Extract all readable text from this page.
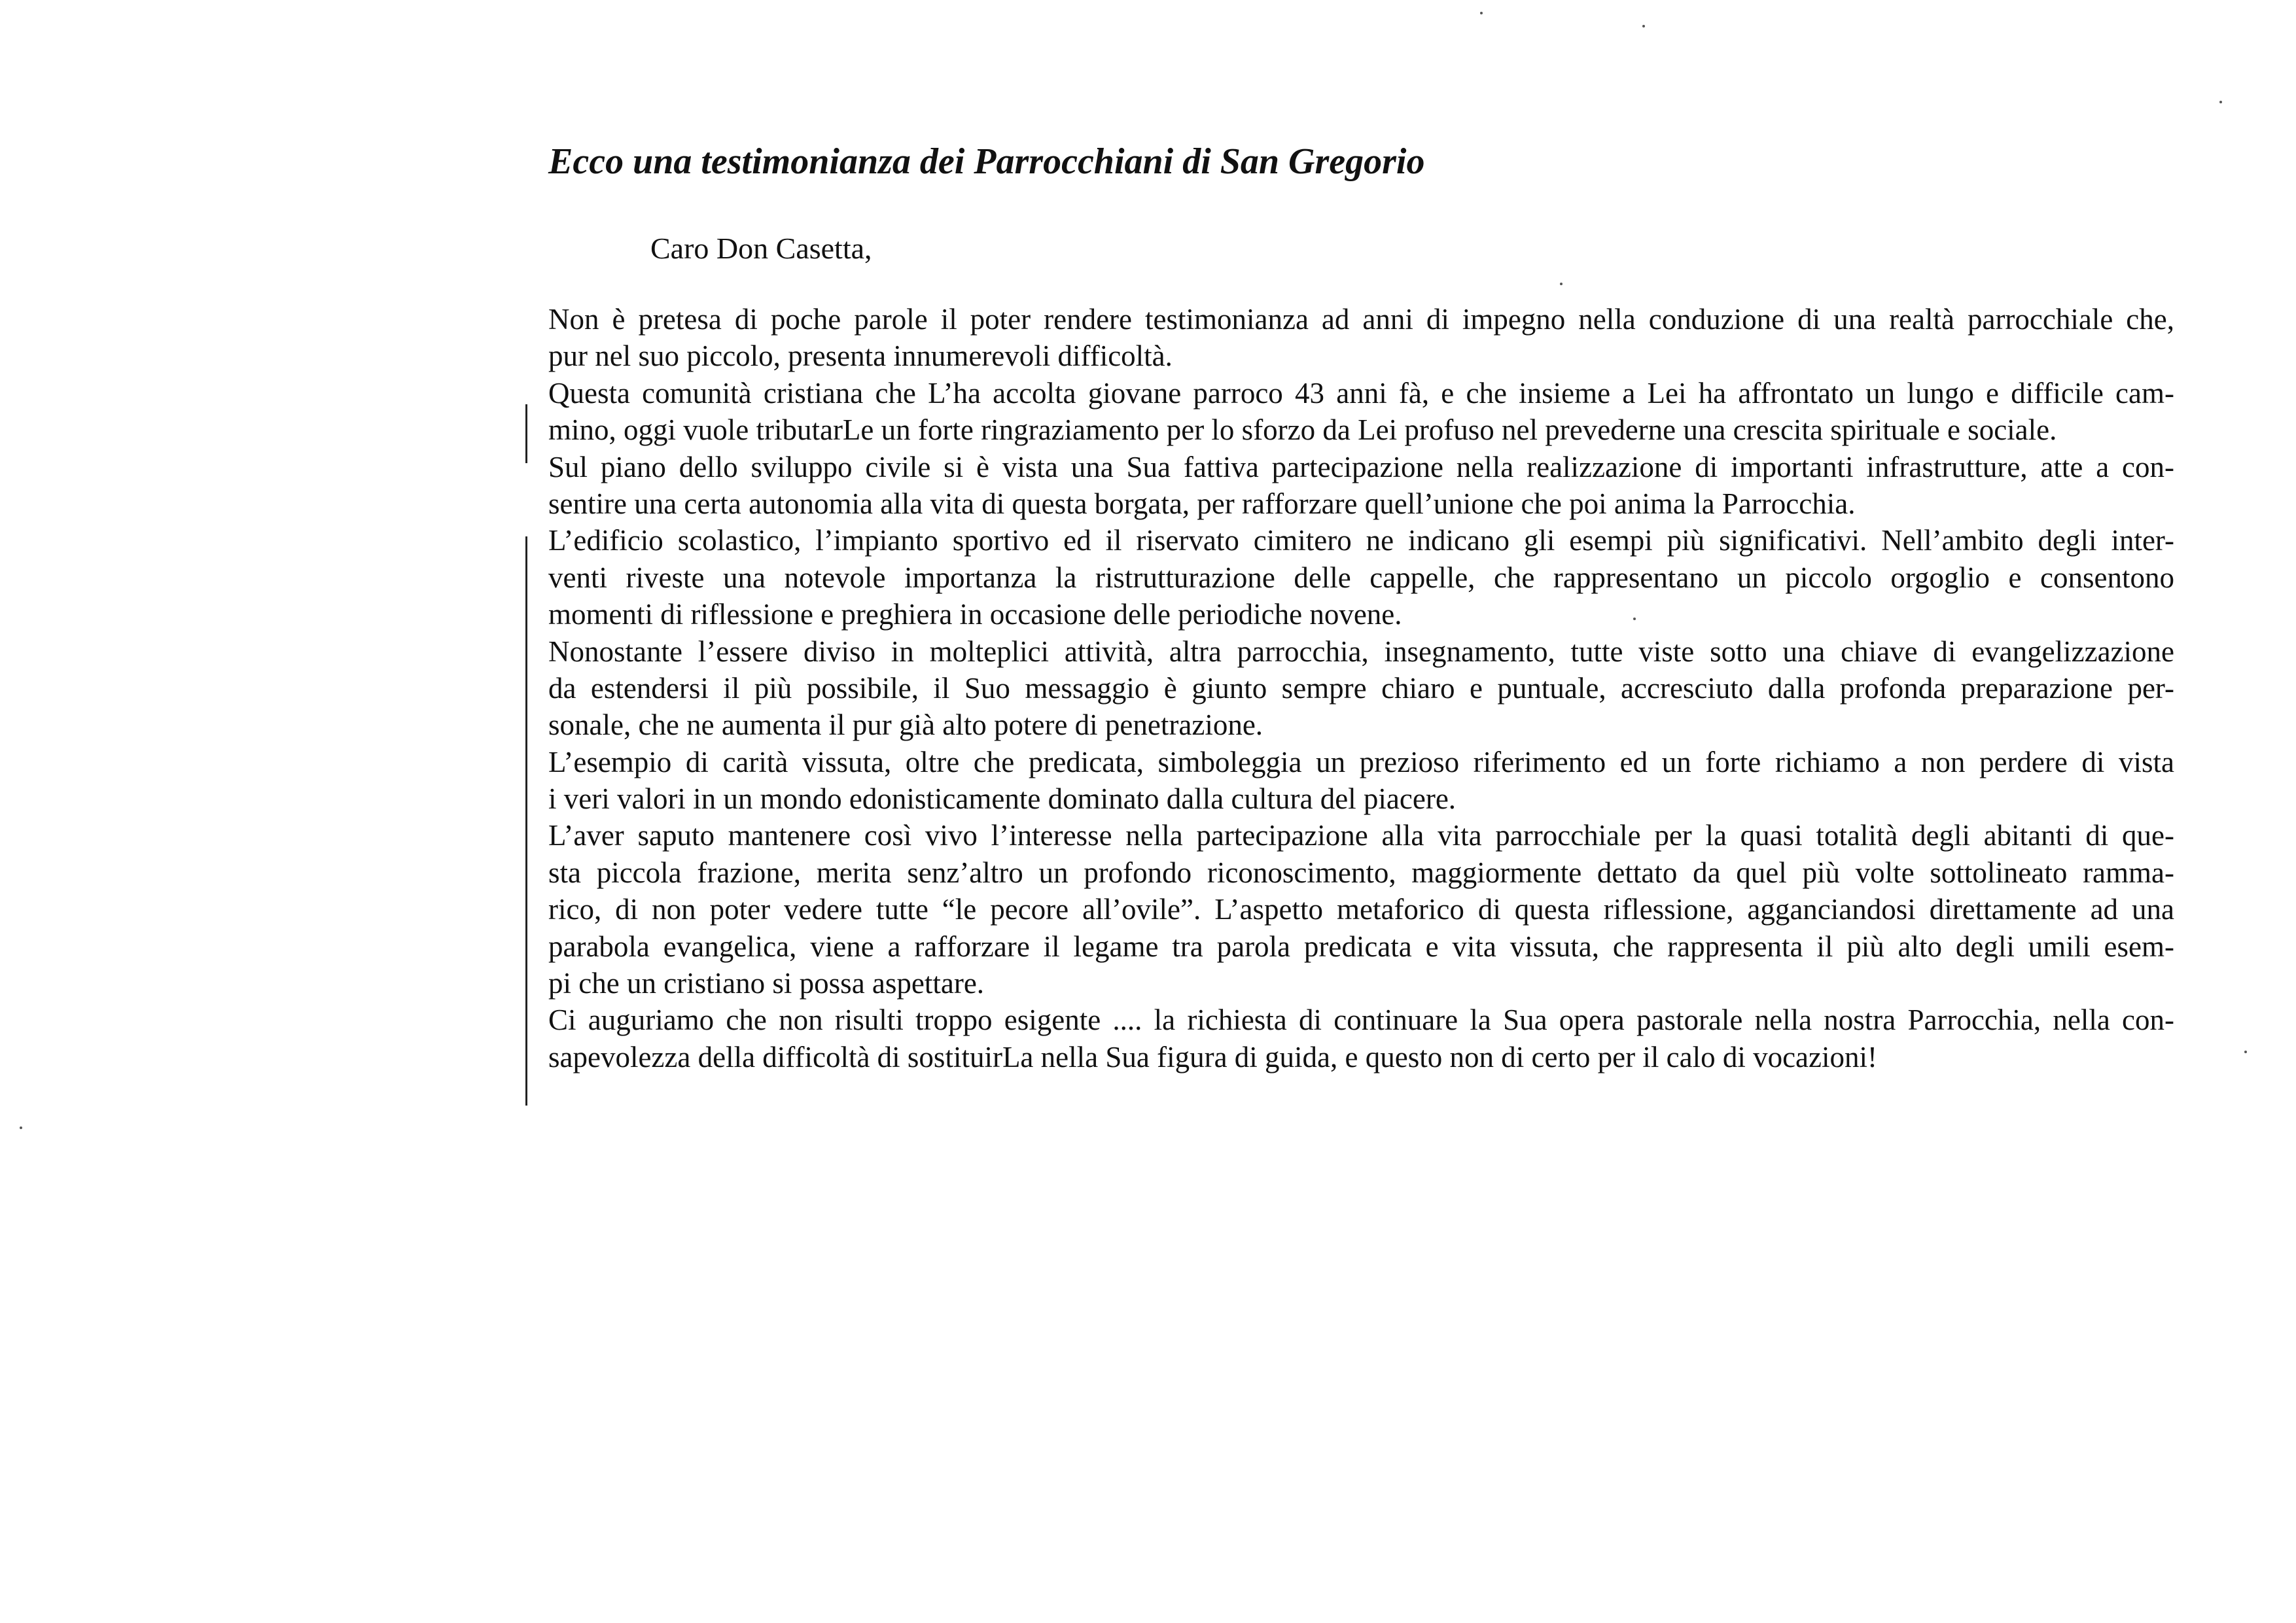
Ecco una testimonianza dei Parrocchiani di San Gregorio

Caro Don Casetta,

Non è pretesa di poche parole il poter rendere testimonianza ad anni di impegno nella conduzione di una realtà parrocchiale che,
pur nel suo piccolo, presenta innumerevoli difficoltà.
Questa comunità cristiana che L’ha accolta giovane parroco 43 anni fà, e che insieme a Lei ha affrontato un lungo e difficile cam-
mino, oggi vuole tributarLe un forte ringraziamento per lo sforzo da Lei profuso nel prevederne una crescita spirituale e sociale.
Sul piano dello sviluppo civile si è vista una Sua fattiva partecipazione nella realizzazione di importanti infrastrutture, atte a con-
sentire una certa autonomia alla vita di questa borgata, per rafforzare quell’unione che poi anima la Parrocchia.
L’edificio scolastico, l’impianto sportivo ed il riservato cimitero ne indicano gli esempi più significativi. Nell’ambito degli inter-
venti riveste una notevole importanza la ristrutturazione delle cappelle, che rappresentano un piccolo orgoglio e consentono
momenti di riflessione e preghiera in occasione delle periodiche novene.
Nonostante l’essere diviso in molteplici attività, altra parrocchia, insegnamento, tutte viste sotto una chiave di evangelizzazione
da estendersi il più possibile, il Suo messaggio è giunto sempre chiaro e puntuale, accresciuto dalla profonda preparazione per-
sonale, che ne aumenta il pur già alto potere di penetrazione.
L’esempio di carità vissuta, oltre che predicata, simboleggia un prezioso riferimento ed un forte richiamo a non perdere di vista
i veri valori in un mondo edonisticamente dominato dalla cultura del piacere.
L’aver saputo mantenere così vivo l’interesse nella partecipazione alla vita parrocchiale per la quasi totalità degli abitanti di que-
sta piccola frazione, merita senz’altro un profondo riconoscimento, maggiormente dettato da quel più volte sottolineato ramma-
rico, di non poter vedere tutte “le pecore all’ovile”. L’aspetto metaforico di questa riflessione, agganciandosi direttamente ad una
parabola evangelica, viene a rafforzare il legame tra parola predicata e vita vissuta, che rappresenta il più alto degli umili esem-
pi che un cristiano si possa aspettare.
Ci auguriamo che non risulti troppo esigente .... la richiesta di continuare la Sua opera pastorale nella nostra Parrocchia, nella con-
sapevolezza della difficoltà di sostituirLa nella Sua figura di guida, e questo non di certo per il calo di vocazioni!
